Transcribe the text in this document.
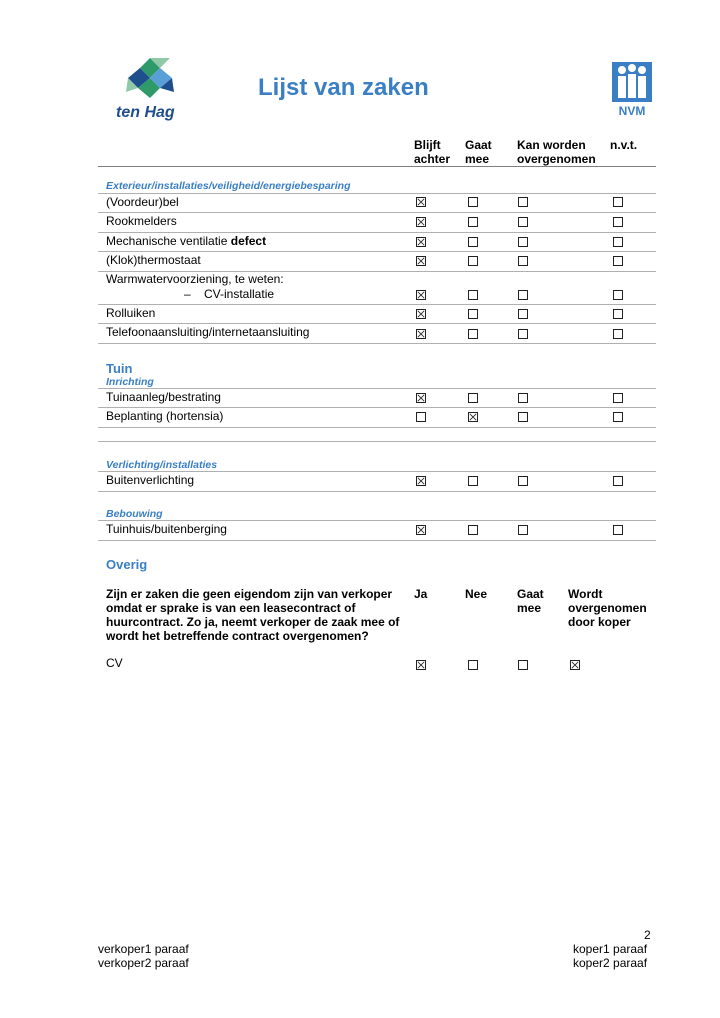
ten Hag
Lijst van zaken
NVM
Blijft
achter
Gaat
mee
Kan worden
overgenomen
n.v.t.
Exterieur/installaties/veiligheid/energiebesparing
(Voordeur)bel
Rookmelders
Mechanische ventilatie defect
(Klok)thermostaat
Warmwatervoorziening, te weten:
– CV-installatie
Rolluiken
Telefoonaansluiting/internetaansluiting
Tuin
Inrichting
Tuinaanleg/bestrating
Beplanting (hortensia)
Verlichting/installaties
Buitenverlichting
Bebouwing
Tuinhuis/buitenberging
Overig
Zijn er zaken die geen eigendom zijn van verkoper omdat er sprake is van een leasecontract of huurcontract. Zo ja, neemt verkoper de zaak mee of wordt het betreffende contract overgenomen?
Ja	Nee Gaat
mee
Wordt
overgenomen
door koper
CV
2
verkoper1 paraaf
verkoper2 paraaf
koper1 paraaf
koper2 paraaf
